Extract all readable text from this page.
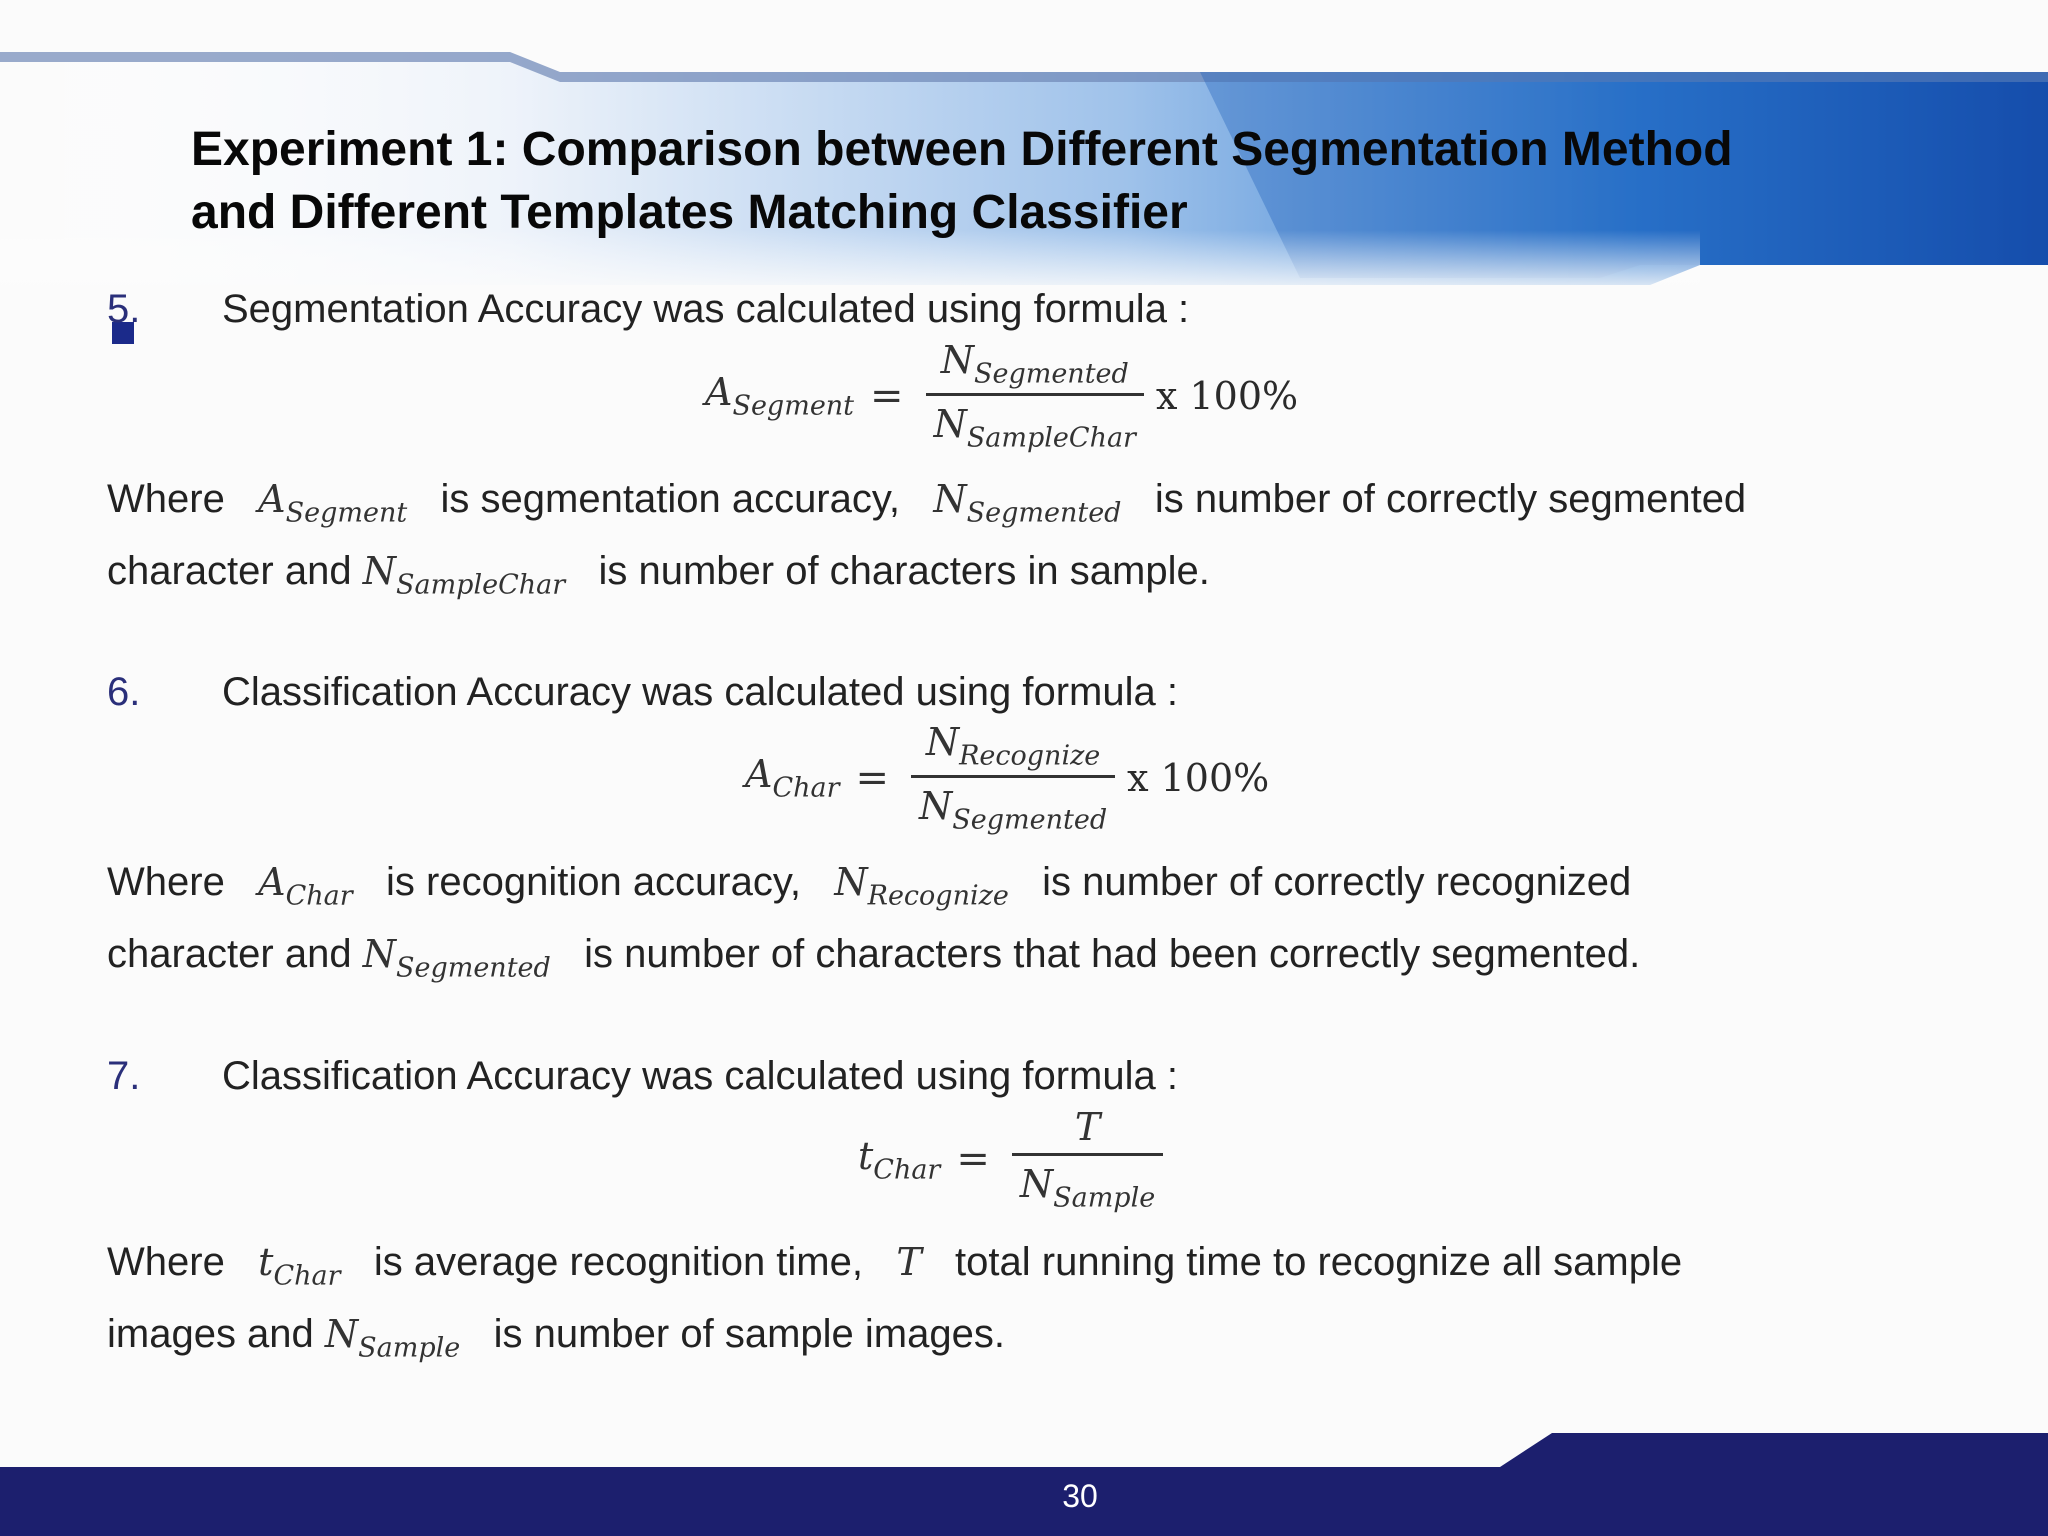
Experiment 1: Comparison between Different Segmentation Method
and Different Templates Matching Classifier
5. Segmentation Accuracy was calculated using formula :
$A_{Segment} = \frac{N_{Segmented}}{N_{SampleChar}}$ x 100%
Where $A_{Segment}$ is segmentation accuracy, $N_{Segmented}$ is number of correctly segmented
character and $N_{SampleChar}$ is number of characters in sample.
6. Classification Accuracy was calculated using formula :
$A_{Char} = \frac{N_{Recognize}}{N_{Segmented}}$ x 100%
Where $A_{Char}$ is recognition accuracy, $N_{Recognize}$ is number of correctly recognized
character and $N_{Segmented}$ is number of characters that had been correctly segmented.
7. Classification Accuracy was calculated using formula :
$t_{Char} = \frac{T}{N_{Sample}}$
Where $t_{Char}$ is average recognition time, T total running time to recognize all sample
images and $N_{Sample}$ is number of sample images.
30
